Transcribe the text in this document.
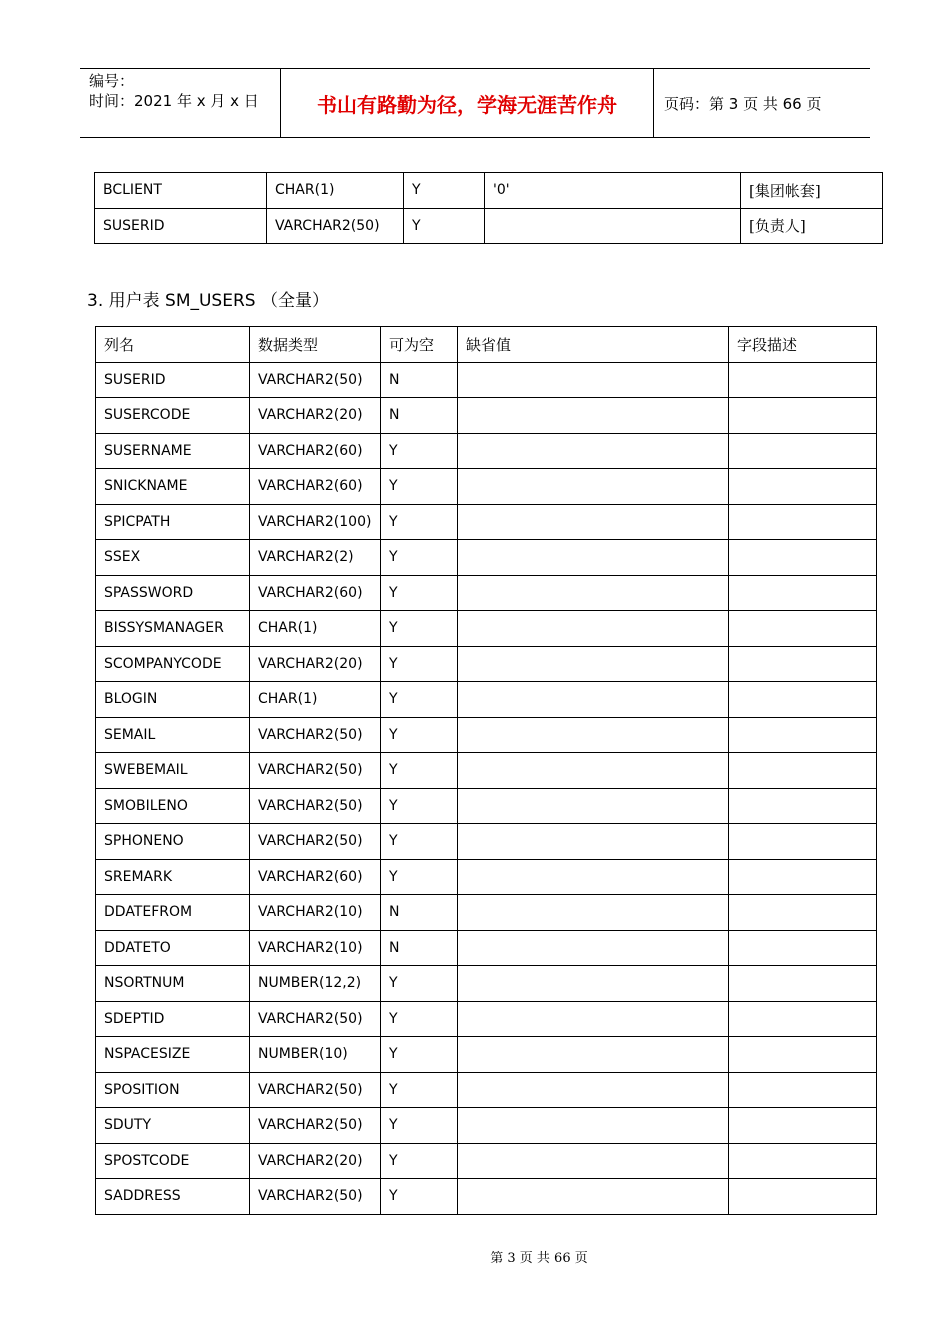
编号：
时间：2021 年 x 月 x 日	书山有路勤为径，学海无涯苦作舟	页码：第 3 页 共 66 页
BCLIENT	CHAR(1)	Y	'0'	[集团帐套]
SUSERID	VARCHAR2(50)	Y		[负责人]
3. 用户表 SM_USERS （全量）
列名	数据类型	可为空	缺省值	字段描述
SUSERID	VARCHAR2(50)	N		
SUSERCODE	VARCHAR2(20)	N		
SUSERNAME	VARCHAR2(60)	Y		
SNICKNAME	VARCHAR2(60)	Y		
SPICPATH	VARCHAR2(100)	Y		
SSEX	VARCHAR2(2)	Y		
SPASSWORD	VARCHAR2(60)	Y		
BISSYSMANAGER	CHAR(1)	Y		
SCOMPANYCODE	VARCHAR2(20)	Y		
BLOGIN	CHAR(1)	Y		
SEMAIL	VARCHAR2(50)	Y		
SWEBEMAIL	VARCHAR2(50)	Y		
SMOBILENO	VARCHAR2(50)	Y		
SPHONENO	VARCHAR2(50)	Y		
SREMARK	VARCHAR2(60)	Y		
DDATEFROM	VARCHAR2(10)	N		
DDATETO	VARCHAR2(10)	N		
NSORTNUM	NUMBER(12,2)	Y		
SDEPTID	VARCHAR2(50)	Y		
NSPACESIZE	NUMBER(10)	Y		
SPOSITION	VARCHAR2(50)	Y		
SDUTY	VARCHAR2(50)	Y		
SPOSTCODE	VARCHAR2(20)	Y		
SADDRESS	VARCHAR2(50)	Y		
第 3 页 共 66 页
